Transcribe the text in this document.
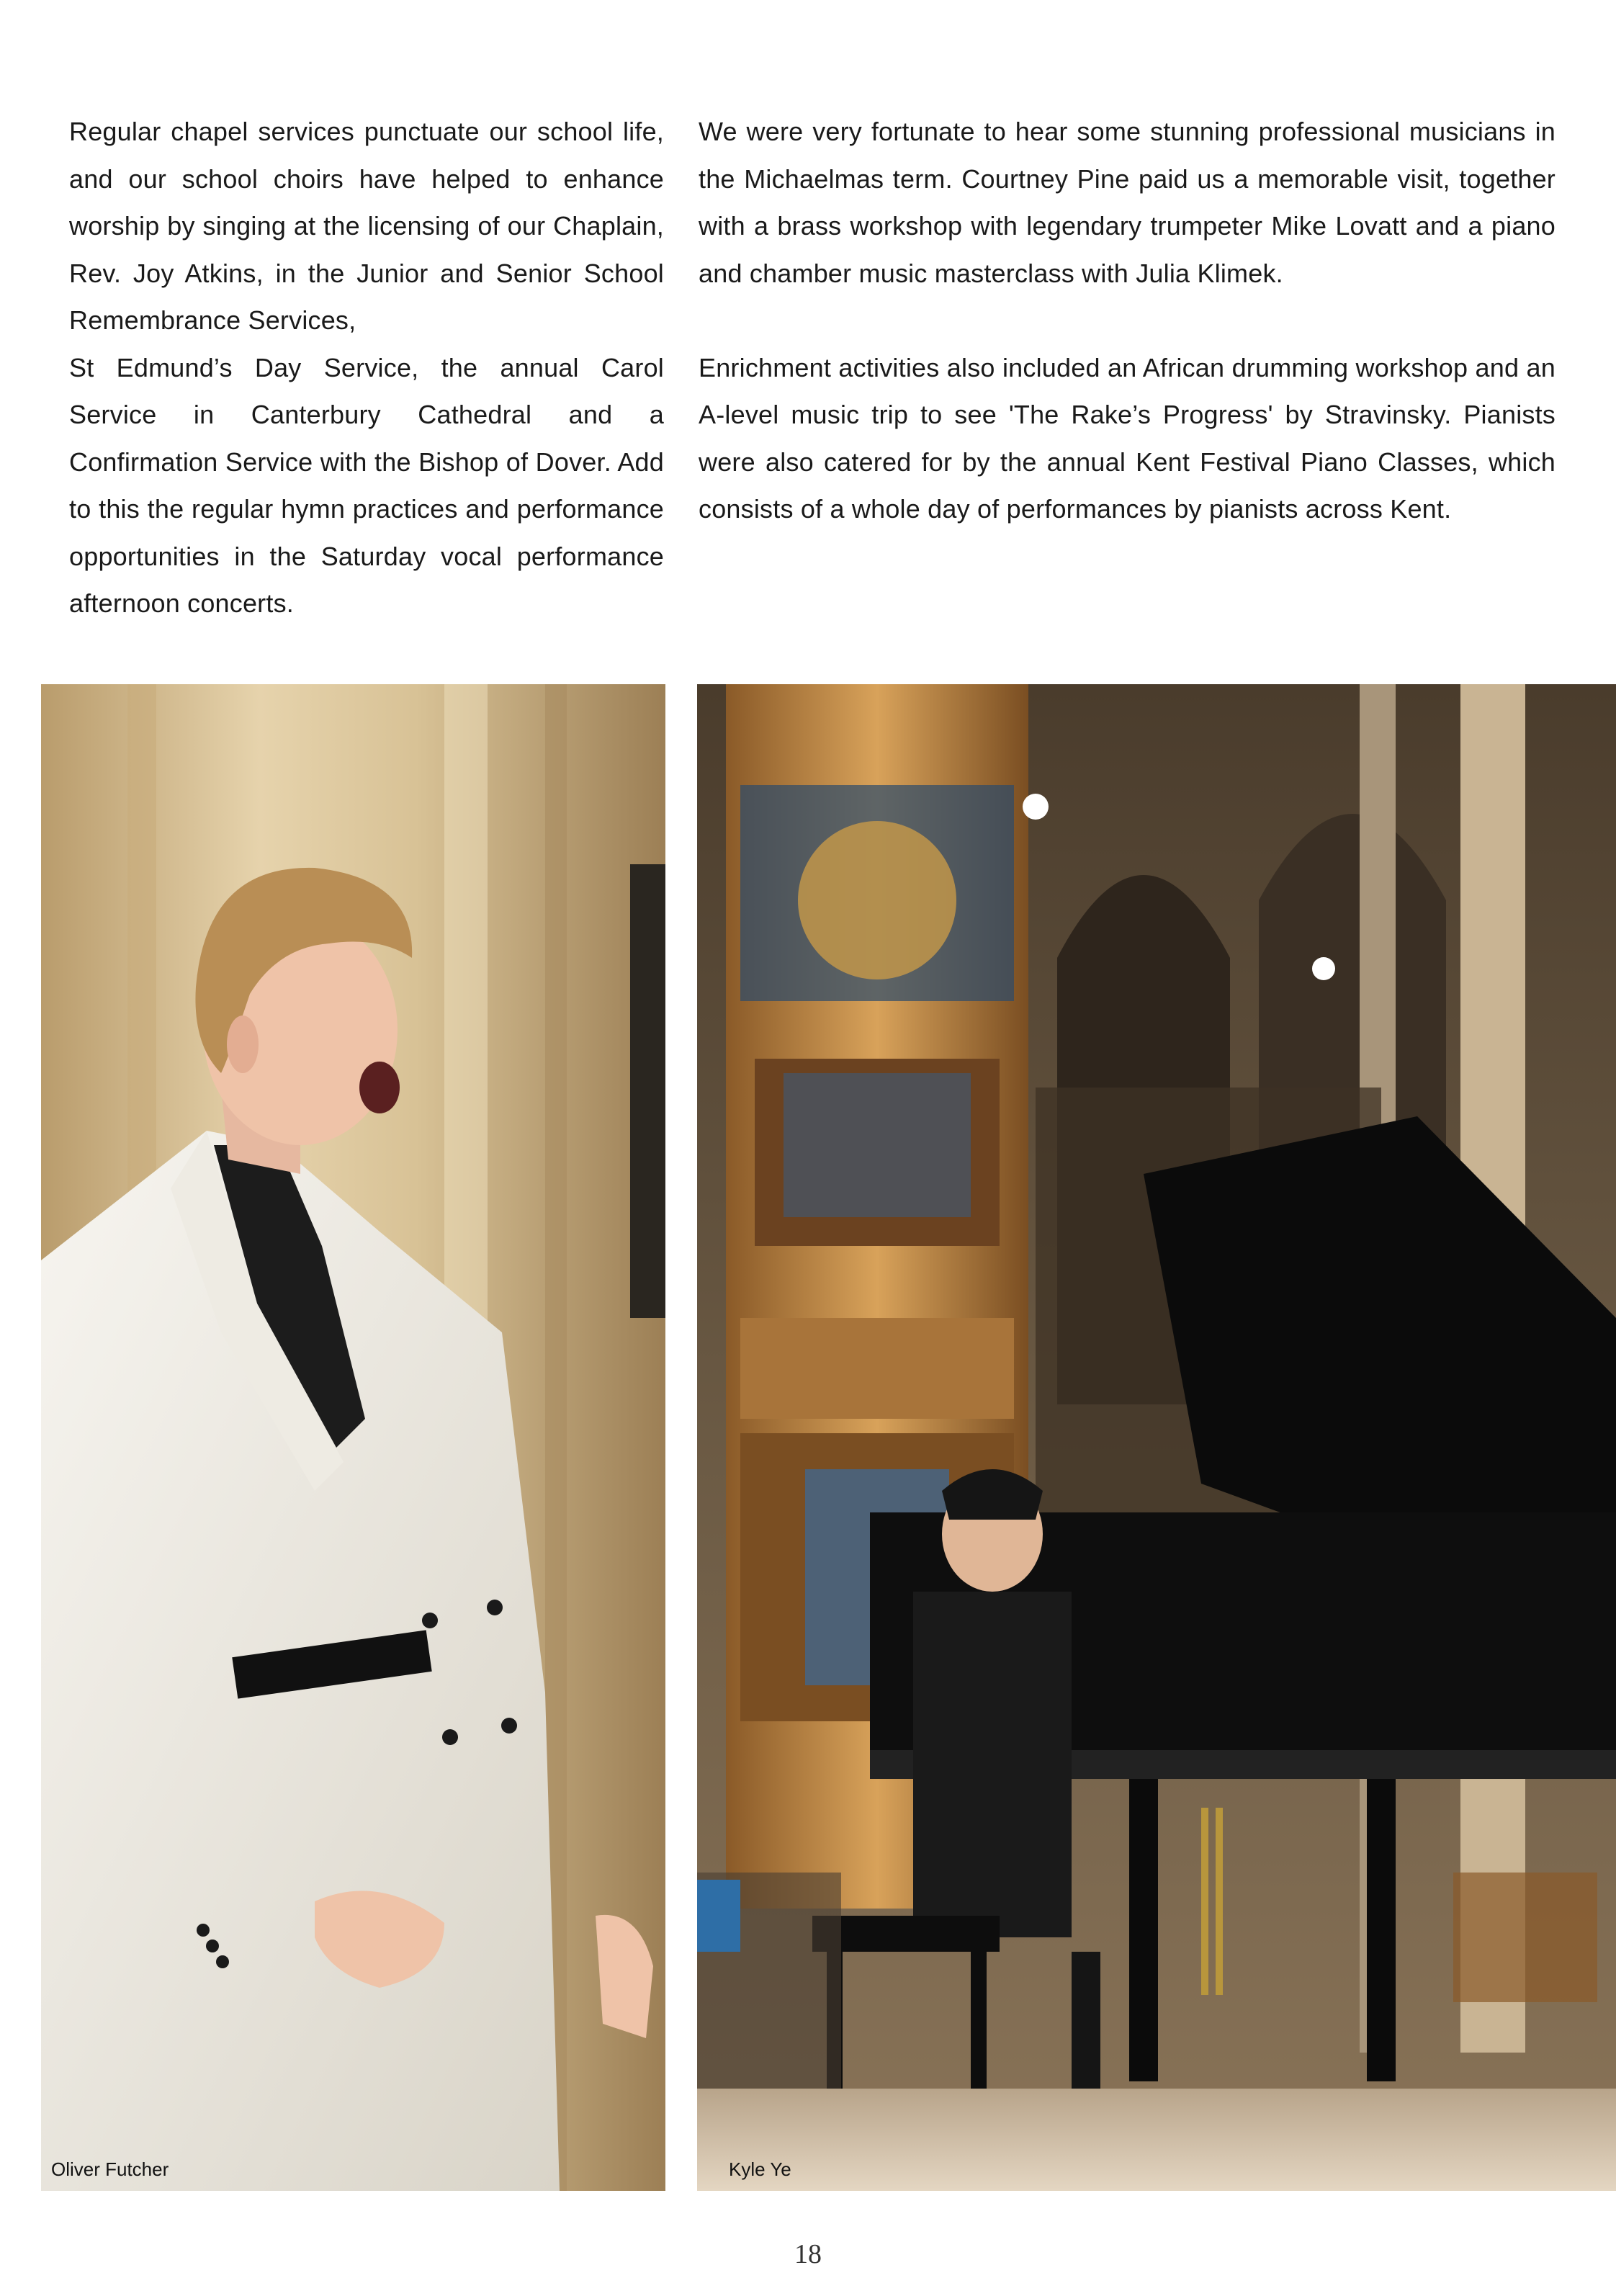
Regular chapel services punctuate our school life, and our school choirs have helped to enhance worship by singing at the licensing of our Chaplain, Rev. Joy Atkins, in the Junior and Senior School Remembrance Services,

St Edmund’s Day Service, the annual Carol Service in Canterbury Cathedral and a Confirmation Service with the Bishop of Dover. Add to this the regular hymn practices and performance opportunities in the Saturday vocal performance afternoon concerts.

We were very fortunate to hear some stunning professional musicians in the Michaelmas term. Courtney Pine paid us a memorable visit, together with a brass workshop with legendary trumpeter Mike Lovatt and a piano and chamber music masterclass with Julia Klimek.

Enrichment activities also included an African drumming workshop and an A-level music trip to see 'The Rake’s Progress' by Stravinsky. Pianists were also catered for by the annual Kent Festival Piano Classes, which consists of a whole day of performances by pianists across Kent.

Oliver Futcher	Kyle Ye
18
